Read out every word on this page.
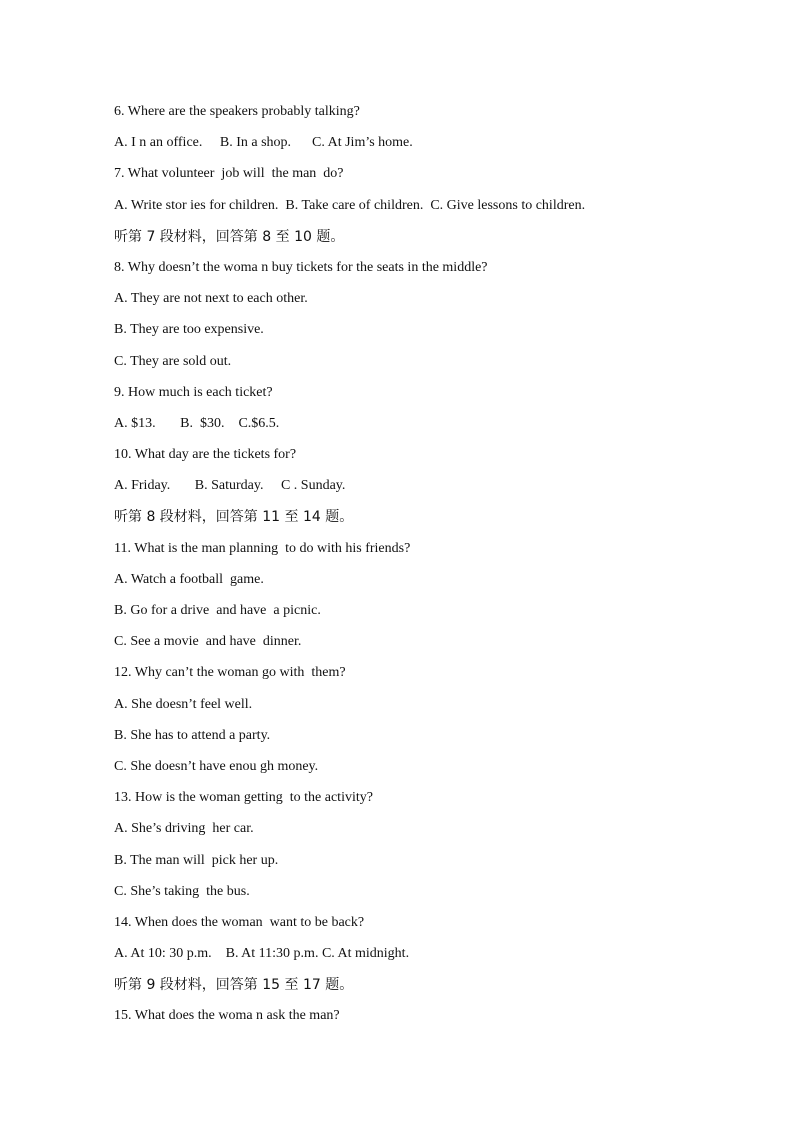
6. Where are the speakers probably talking?
A. I n an office.     B. In a shop.      C. At Jim’s home.
7. What volunteer  job will  the man  do?
A. Write stor ies for children.  B. Take care of children.  C. Give lessons to children.
听第 7 段材料，回答第 8 至 10 题。
8. Why doesn’t the woma n buy tickets for the seats in the middle?
A. They are not next to each other.
B. They are too expensive.
C. They are sold out.
9. How much is each ticket?
A. $13.       B.  $30.    C.$6.5.
10. What day are the tickets for?
A. Friday.       B. Saturday.     C . Sunday.
听第 8 段材料，回答第 11 至 14 题。
11. What is the man planning  to do with his friends?
A. Watch a football  game.
B. Go for a drive  and have  a picnic.
C. See a movie  and have  dinner.
12. Why can’t the woman go with  them?
A. She doesn’t feel well.
B. She has to attend a party.
C. She doesn’t have enou gh money.
13. How is the woman getting  to the activity?
A. She’s driving  her car.
B. The man will  pick her up.
C. She’s taking  the bus.
14. When does the woman  want to be back?
A. At 10: 30 p.m.    B. At 11:30 p.m. C. At midnight.
听第 9 段材料，回答第 15 至 17 题。
15. What does the woma n ask the man?
